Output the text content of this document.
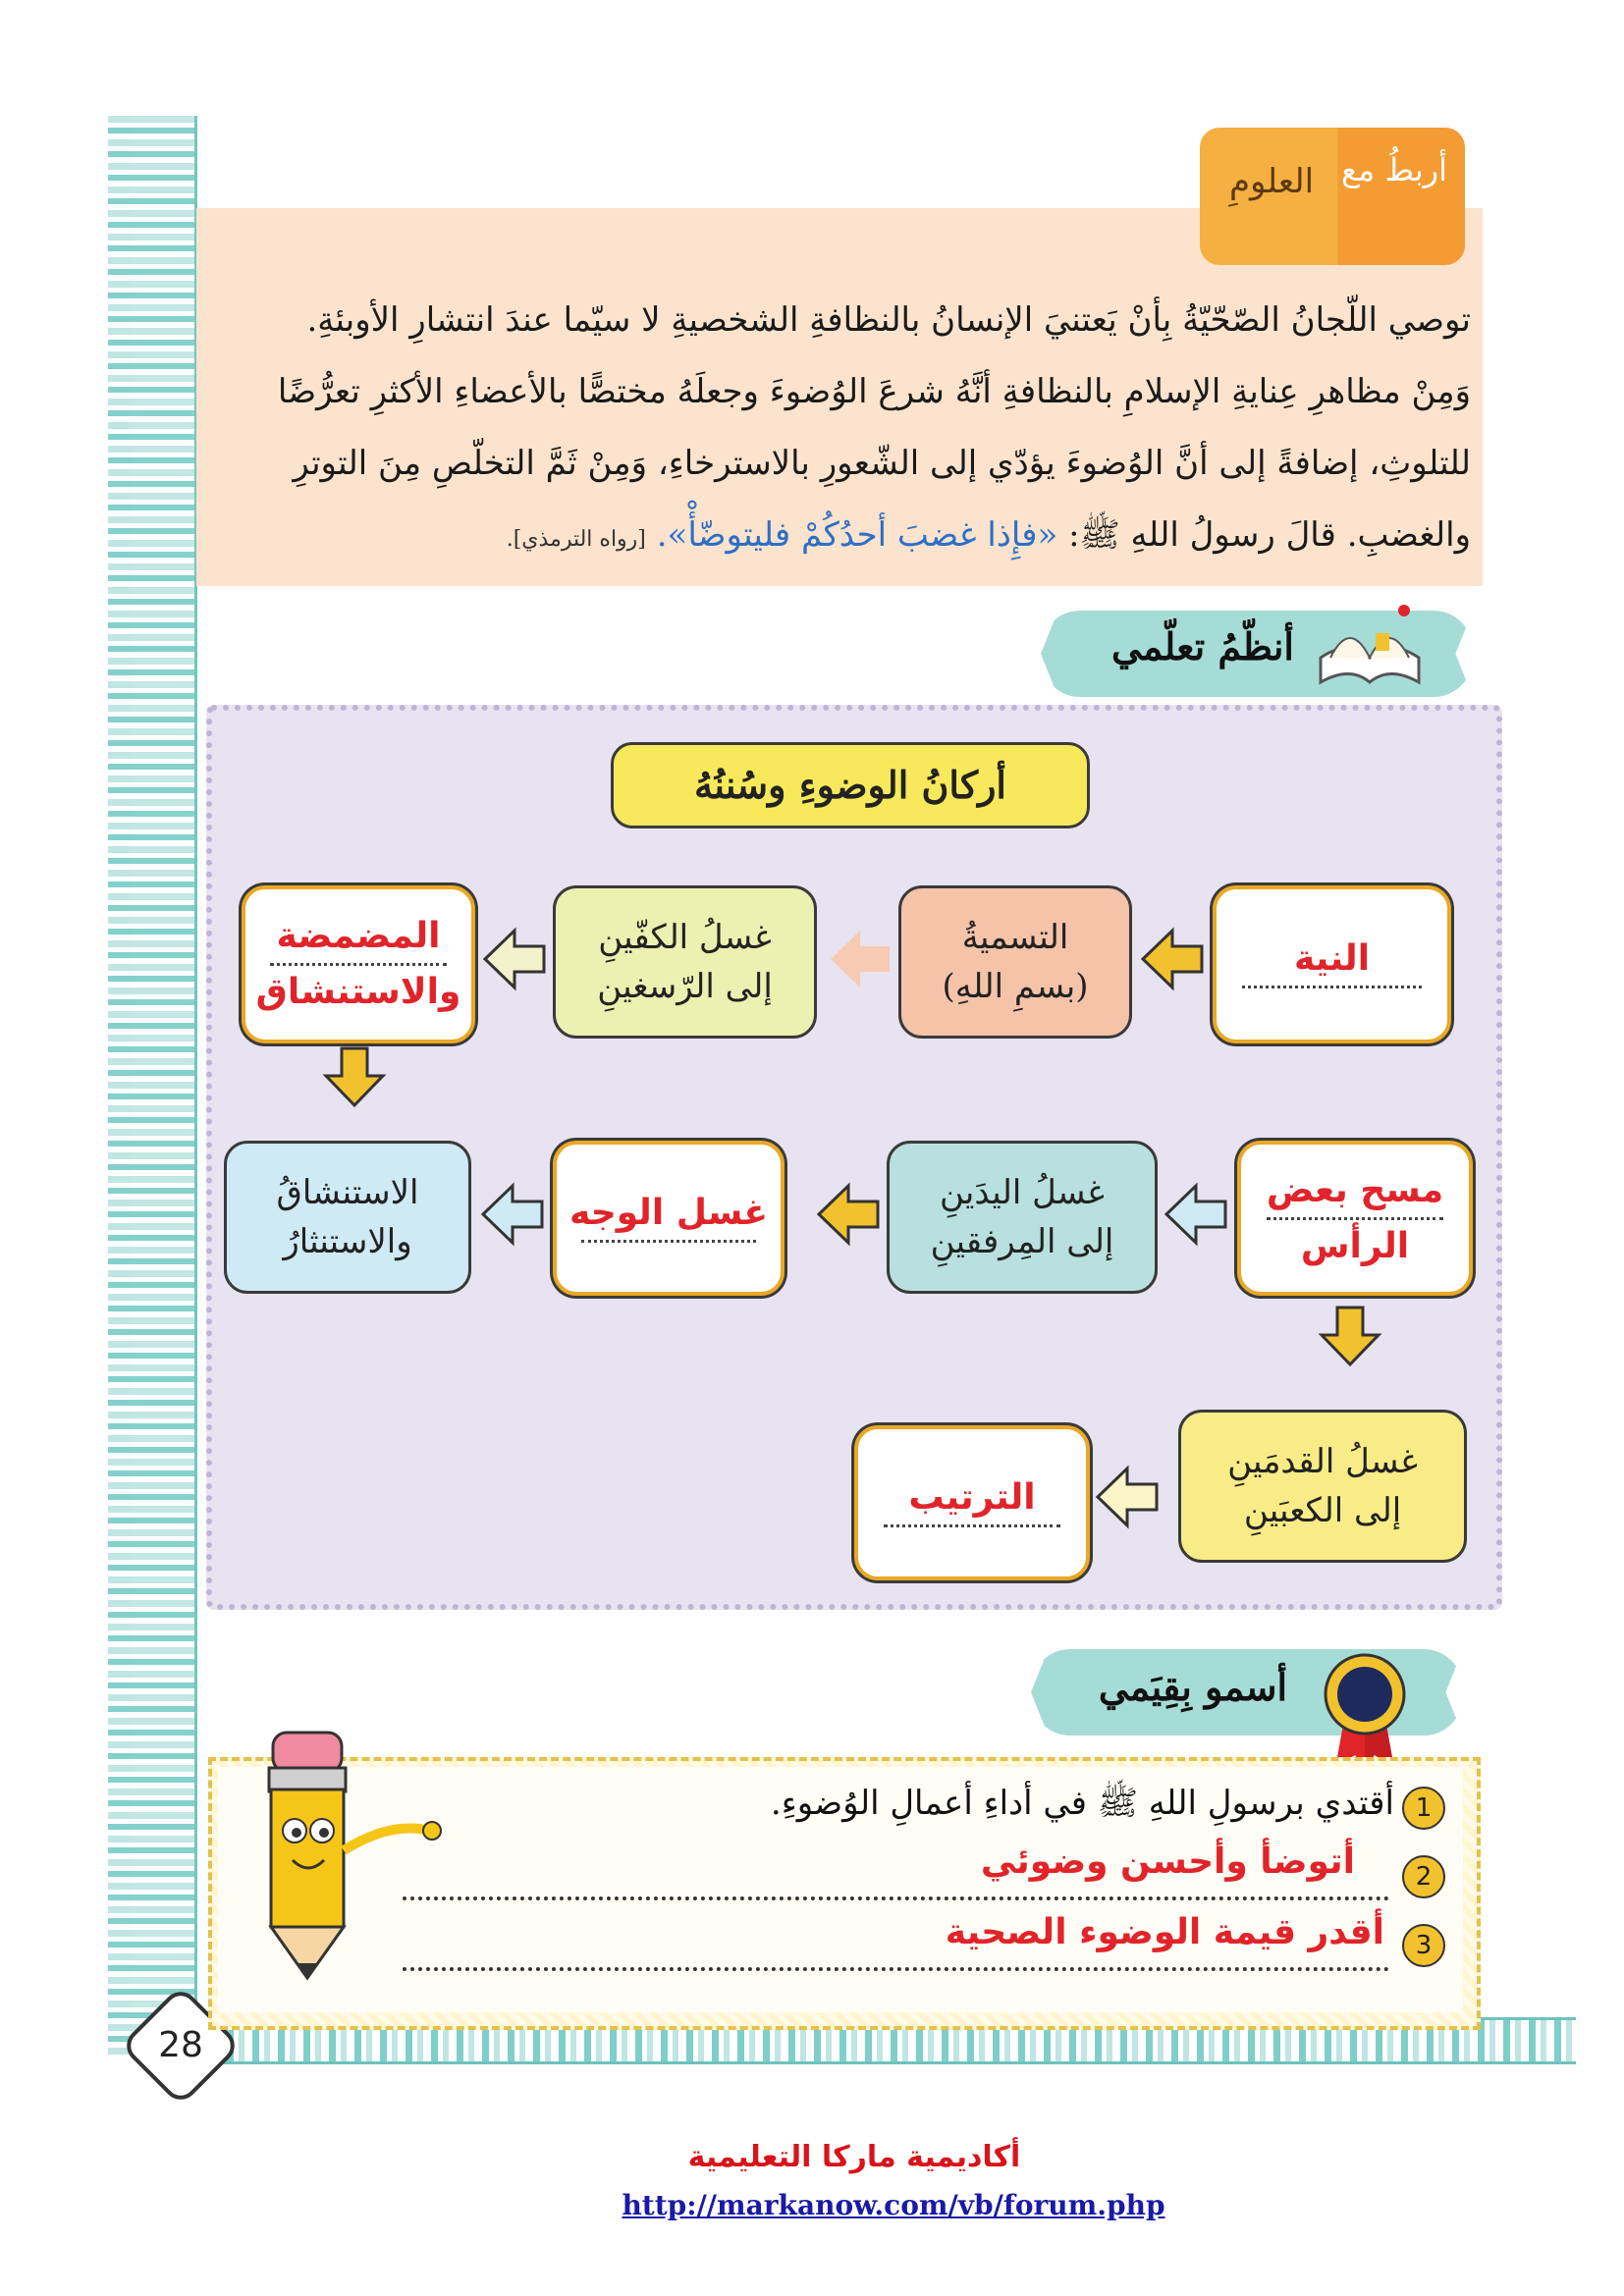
28
العلومِ أربطُ مع
توصي اللّجانُ الصّحّيّةُ بِأنْ يَعتنيَ الإنسانُ بالنظافةِ الشخصيةِ لا سيّما عندَ انتشارِ الأوبئةِ.
وَمِنْ مظاهرِ عِنايةِ الإسلامِ بالنظافةِ أنَّهُ شرعَ الوُضوءَ وجعلَهُ مختصًّا بالأعضاءِ الأكثرِ تعرُّضًا
للتلوثِ، إضافةً إلى أنَّ الوُضوءَ يؤدّي إلى الشّعورِ بالاسترخاءِ، وَمِنْ ثَمَّ التخلّصِ مِنَ التوترِ
والغضبِ. قالَ رسولُ اللهِ ﷺ: «فإِذا غضبَ أحدُكُمْ فليتوضّأْ». [رواه الترمذي].
أنظّمُ تعلّمي
أركانُ الوضوءِ وسُننُهُ
النية
التسميةُ
(بسمِ اللهِ)
غسلُ الكفّينِ
إلى الرّسغينِ
المضمضة
والاستنشاق
مسح بعض
الرأس
غسلُ اليدَينِ
إلى المِرفقينِ
غسل الوجه
الاستنشاقُ
والاستنثارُ
غسلُ القدمَينِ
إلى الكعبَينِ
الترتيب
أسمو بِقِيَمي
1
أقتدي برسولِ اللهِ ﷺ في أداءِ أعمالِ الوُضوءِ.
2
أتوضأ وأحسن وضوئي
3
أقدر قيمة الوضوء الصحية
أكاديمية ماركا التعليمية
http://markanow.com/vb/forum.php
